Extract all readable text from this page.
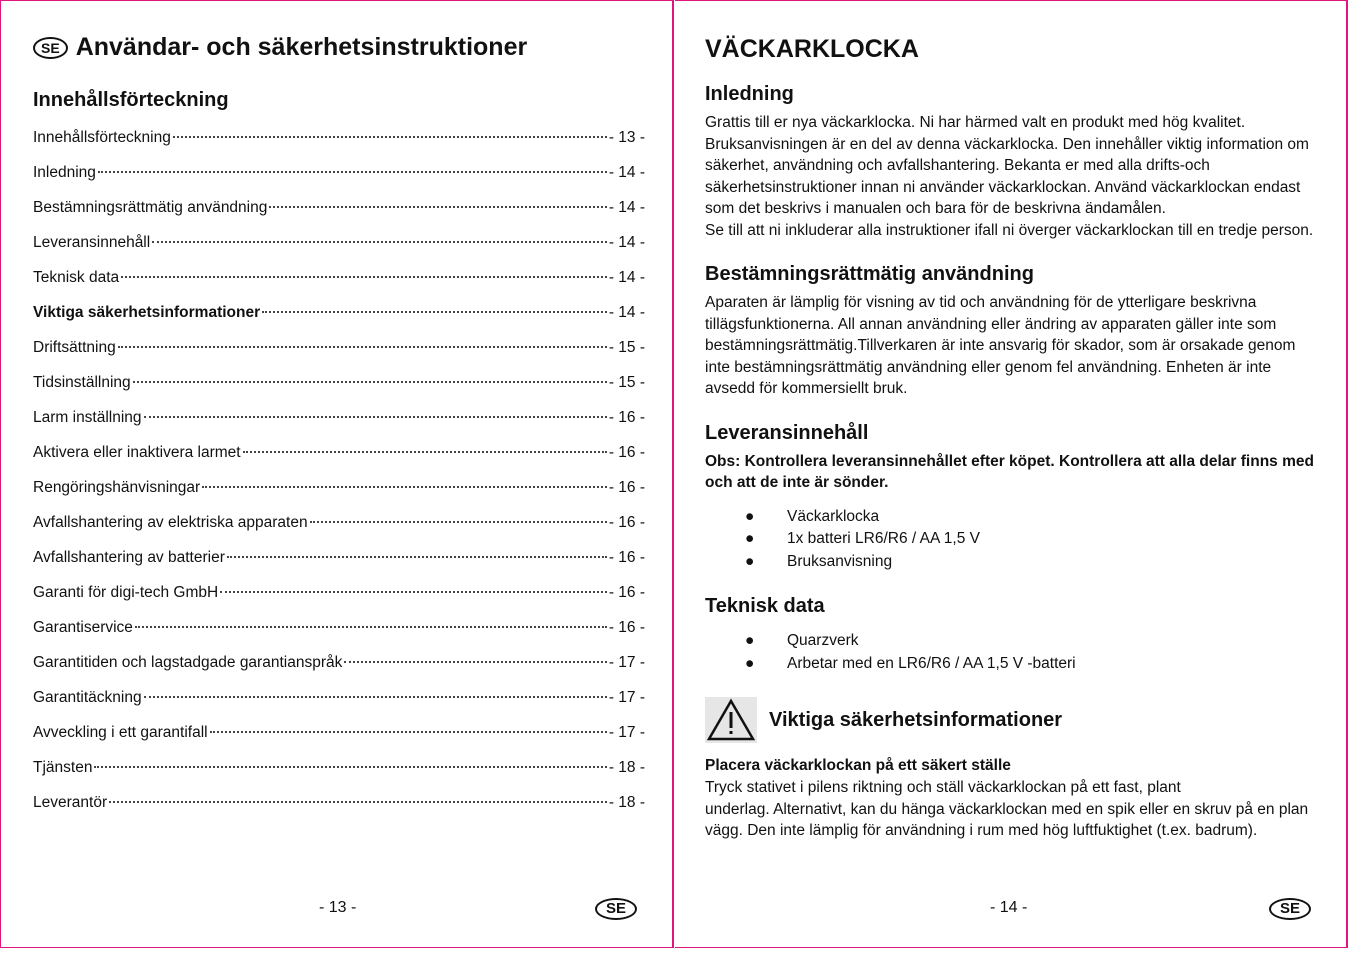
SE Användar- och säkerhetsinstruktioner
Innehållsförteckning
Innehållsförteckning	- 13 -
Inledning	- 14 -
Bestämningsrättmätig användning	- 14 -
Leveransinnehåll	- 14 -
Teknisk data	- 14 -
Viktiga säkerhetsinformationer	- 14 -
Driftsättning	- 15 -
Tidsinställning	- 15 -
Larm inställning	- 16 -
Aktivera eller inaktivera larmet	- 16 -
Rengöringshänvisningar	- 16 -
Avfallshantering av elektriska apparaten	- 16 -
Avfallshantering av batterier	- 16 -
Garanti för digi-tech GmbH	- 16 -
Garantiservice	- 16 -
Garantitiden och lagstadgade garantianspråk	- 17 -
Garantitäckning	- 17 -
Avveckling i ett garantifall	- 17 -
Tjänsten	- 18 -
Leverantör	- 18 -
- 13 -	SE
VÄCKARKLOCKA
Inledning

Grattis till er nya väckarklocka. Ni har härmed valt en produkt med hög kvalitet. Bruksanvisningen är en del av denna väckarklocka. Den innehåller viktig information om säkerhet, användning och avfallshantering. Bekanta er med alla drifts-och säkerhetsinstruktioner innan ni använder väckarklockan. Använd väckarklockan endast som det beskrivs i manualen och bara för de beskrivna ändamålen.

Se till att ni inkluderar alla instruktioner ifall ni överger väckarklockan till en tredje person.

Bestämningsrättmätig användning

Aparaten är lämplig för visning av tid och användning för de ytterligare beskrivna tillägsfunktionerna. All annan användning eller ändring av apparaten gäller inte som bestämningsrättmätig.Tillverkaren är inte ansvarig för skador, som är orsakade genom inte bestämningsrättmätig användning eller genom fel användning. Enheten är inte avsedd för kommersiellt bruk.

Leveransinnehåll

Obs: Kontrollera leveransinnehållet efter köpet. Kontrollera att alla delar finns med och att de inte är sönder.

●	Väckarklocka
●	1x batteri LR6/R6 / AA 1,5 V
●	Bruksanvisning
Teknisk data
●	Quarzverk
●	Arbetar med en LR6/R6 / AA 1,5 V -batteri
Viktiga säkerhetsinformationer
Placera väckarklockan på ett säkert ställe

Tryck stativet i pilens riktning och ställ väckarklockan på ett fast, plant

underlag. Alternativt, kan du hänga väckarklockan med en spik eller en skruv på en plan vägg. Den inte lämplig för användning i rum med hög luftfuktighet (t.ex. badrum).

- 14 -	SE
